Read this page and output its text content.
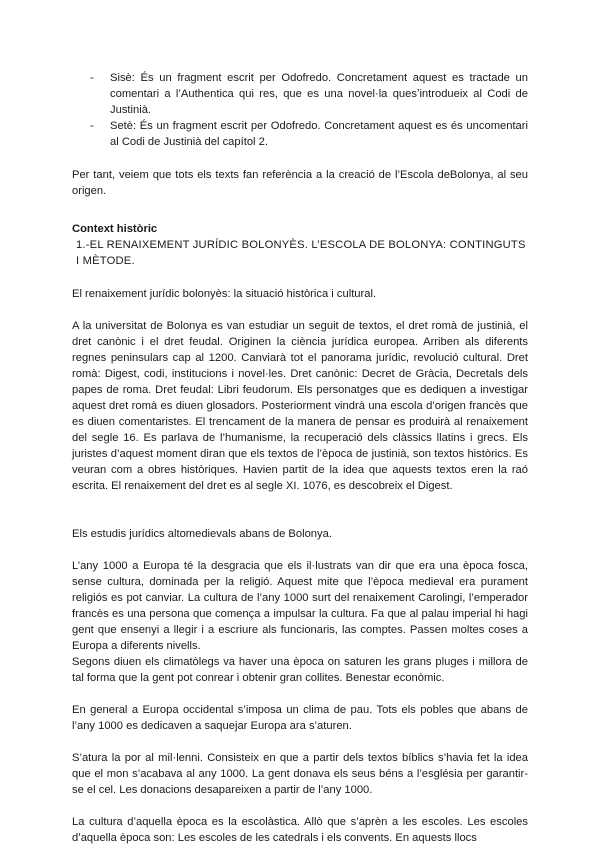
- Sisè: És un fragment escrit per Odofredo. Concretament aquest es tractade un comentari a l’Authentica qui res, que es una novel·la quesʼintrodueix al Codi de Justinià.
- Setè: És un fragment escrit per Odofredo. Concretament aquest es és uncomentari al Codi de Justinià del capítol 2.

Per tant, veiem que tots els texts fan referència a la creació de l’Escola deBolonya, al seu origen.

Context històric
1.-EL RENAIXEMENT JURÍDIC BOLONYÈS. L’ESCOLA DE BOLONYA: CONTINGUTS I MÈTODE.

El renaixement jurídic bolonyès: la situació històrica i cultural.

A la universitat de Bolonya es van estudiar un seguit de textos, el dret romà de justinià, el dret canònic i el dret feudal. Originen la ciència jurídica europea. Arriben als diferents regnes peninsulars cap al 1200. Canviarà tot el panorama jurídic, revolució cultural. Dret romà: Digest, codi, institucions i novel·les. Dret canònic: Decret de Gràcia, Decretals dels papes de roma. Dret feudal: Libri feudorum. Els personatges que es dediquen a investigar aquest dret romà es diuen glosadors. Posteriorment vindrà una escola d’origen francès que es diuen comentaristes. El trencament de la manera de pensar es produirà al renaixement del segle 16. Es parlava de l’humanisme, la recuperació dels clàssics llatins i grecs. Els juristes d’aquest moment diran que els textos de l’època de justinià, son textos històrics. Es veuran com a obres històriques. Havien partit de la idea que aquests textos eren la raó escrita. El renaixement del dret es al segle XI. 1076, es descobreix el Digest.

Els estudis jurídics altomedievals abans de Bolonya.

L’any 1000 a Europa té la desgracia que els il·lustrats van dir que era una època fosca, sense cultura, dominada per la religió. Aquest mite que l’època medieval era purament religiós es pot canviar. La cultura de l’any 1000 surt del renaixement Carolingi, l’emperador francès es una persona que comença a impulsar la cultura. Fa que al palau imperial hi hagi gent que ensenyi a llegir i a escriure als funcionaris, las comptes. Passen moltes coses a Europa a diferents nivells.

Segons diuen els climatòlegs va haver una època on saturen les grans pluges i millora de tal forma que la gent pot conrear i obtenir gran collites. Benestar econòmic.

En general a Europa occidental s’imposa un clima de pau. Tots els pobles que abans de l’any 1000 es dedicaven a saquejar Europa ara s’aturen.

S’atura la por al mil·lenni. Consisteix en que a partir dels textos bíblics s’havia fet la idea que el mon s’acabava al any 1000. La gent donava els seus béns a l’església per garantir-se el cel. Les donacions desapareixen a partir de l’any 1000.

La cultura d’aquella època es la escolàstica. Allò que s’aprèn a les escoles. Les escoles d’aquella època son: Les escoles de les catedrals i els convents. En aquests llocs
